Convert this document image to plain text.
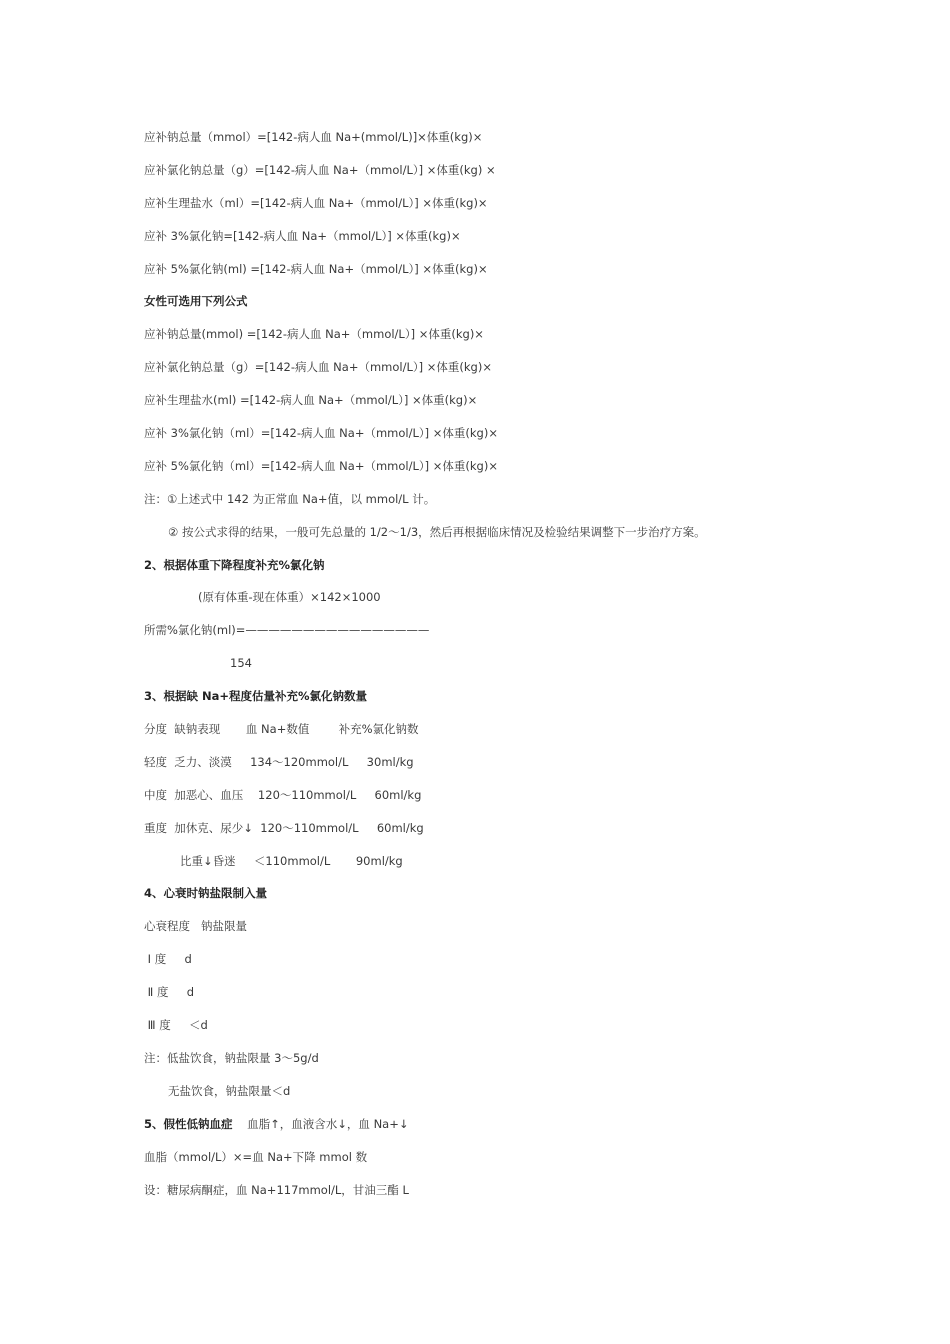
应补钠总量（mmol）=[142-病人血 Na+(mmol/L)]×体重(kg)×
应补氯化钠总量（g）=[142-病人血 Na+（mmol/L）] ×体重(kg) ×
应补生理盐水（ml）=[142-病人血 Na+（mmol/L）] ×体重(kg)×
应补 3%氯化钠=[142-病人血 Na+（mmol/L）] ×体重(kg)×
应补 5%氯化钠(ml) =[142-病人血 Na+（mmol/L）] ×体重(kg)×
女性可选用下列公式
应补钠总量(mmol) =[142-病人血 Na+（mmol/L）] ×体重(kg)×
应补氯化钠总量（g）=[142-病人血 Na+（mmol/L）] ×体重(kg)×
应补生理盐水(ml) =[142-病人血 Na+（mmol/L）] ×体重(kg)×
应补 3%氯化钠（ml）=[142-病人血 Na+（mmol/L）] ×体重(kg)×
应补 5%氯化钠（ml）=[142-病人血 Na+（mmol/L）] ×体重(kg)×
注：①上述式中 142 为正常血 Na+值，以 mmol/L 计。
② 按公式求得的结果，一般可先总量的 1/2～1/3，然后再根据临床情况及检验结果调整下一步治疗方案。
2、根据体重下降程度补充%氯化钠
(原有体重-现在体重）×142×1000
所需%氯化钠(ml)=————————————————
154
3、根据缺 Na+程度估量补充%氯化钠数量
分度  缺钠表现       血 Na+数值        补充%氯化钠数
轻度  乏力、淡漠     134～120mmol/L     30ml/kg
中度  加恶心、血压    120～110mmol/L     60ml/kg
重度  加休克、尿少↓  120～110mmol/L     60ml/kg
比重↓昏迷     ＜110mmol/L       90ml/kg
4、心衰时钠盐限制入量
心衰程度   钠盐限量
Ⅰ 度     d
Ⅱ 度     d
Ⅲ 度     ＜d
注：低盐饮食，钠盐限量 3～5g/d
无盐饮食，钠盐限量＜d
5、假性低钠血症    血脂↑，血液含水↓，血 Na+↓
血脂（mmol/L）×=血 Na+下降 mmol 数
设：糖尿病酮症，血 Na+117mmol/L，甘油三酯 L
